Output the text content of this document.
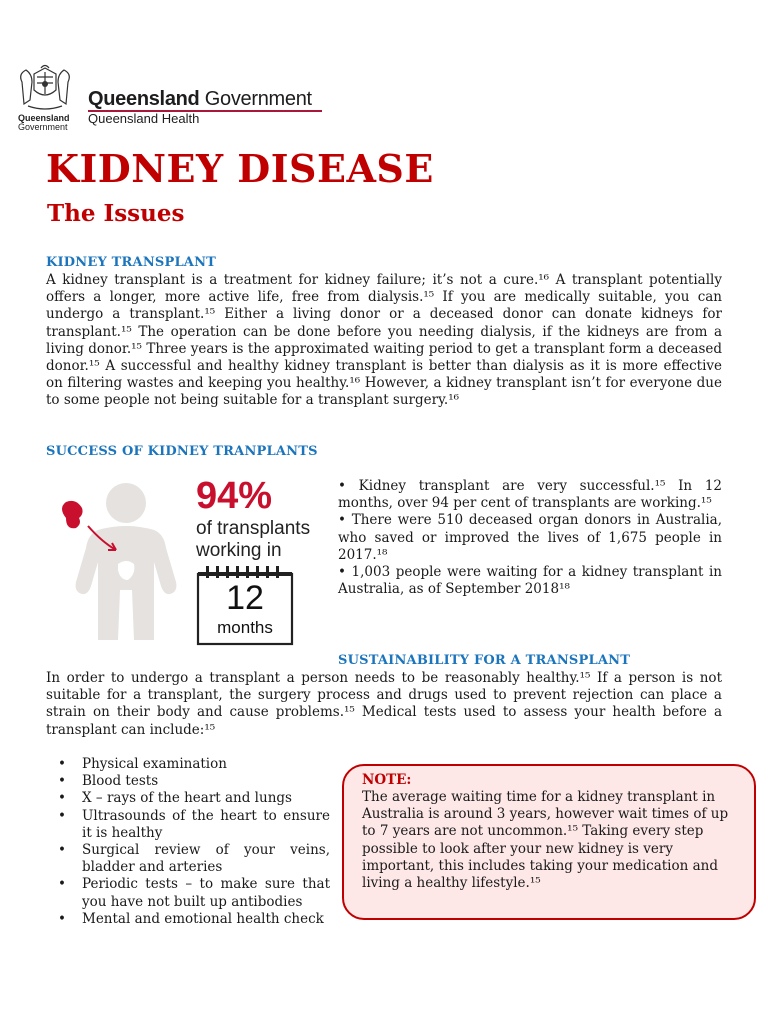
Queensland
Government
Queensland Government
Queensland Health
KIDNEY DISEASE
The Issues
KIDNEY TRANSPLANT
A kidney transplant is a treatment for kidney failure; it’s not a cure.¹⁶ A transplant potentially offers a longer, more active life, free from dialysis.¹⁵ If you are medically suitable, you can undergo a transplant.¹⁵ Either a living donor or a deceased donor can donate kidneys for transplant.¹⁵ The operation can be done before you needing dialysis, if the kidneys are from a living donor.¹⁵ Three years is the approximated waiting period to get a transplant form a deceased donor.¹⁵ A successful and healthy kidney transplant is better than dialysis as it is more effective on filtering wastes and keeping you healthy.¹⁶ However, a kidney transplant isn’t for everyone due to some people not being suitable for a transplant surgery.¹⁶
SUCCESS OF KIDNEY TRANPLANTS
94%
of transplants
working in
12
months
• Kidney transplant are very successful.¹⁵ In 12 months, over 94 per cent of transplants are working.¹⁵
• There were 510 deceased organ donors in Australia, who saved or improved the lives of 1,675 people in 2017.¹⁸
• 1,003 people were waiting for a kidney transplant in Australia, as of September 2018¹⁸
SUSTAINABILITY FOR A TRANSPLANT
In order to undergo a transplant a person needs to be reasonably healthy.¹⁵ If a person is not suitable for a transplant, the surgery process and drugs used to prevent rejection can place a strain on their body and cause problems.¹⁵ Medical tests used to assess your health before a transplant can include:¹⁵
• Physical examination
• Blood tests
• X – rays of the heart and lungs
• Ultrasounds of the heart to ensure it is healthy
• Surgical review of your veins, bladder and arteries
• Periodic tests – to make sure that you have not built up antibodies
• Mental and emotional health check
NOTE:
The average waiting time for a kidney transplant in Australia is around 3 years, however wait times of up to 7 years are not uncommon.¹⁵ Taking every step possible to look after your new kidney is very important, this includes taking your medication and living a healthy lifestyle.¹⁵
